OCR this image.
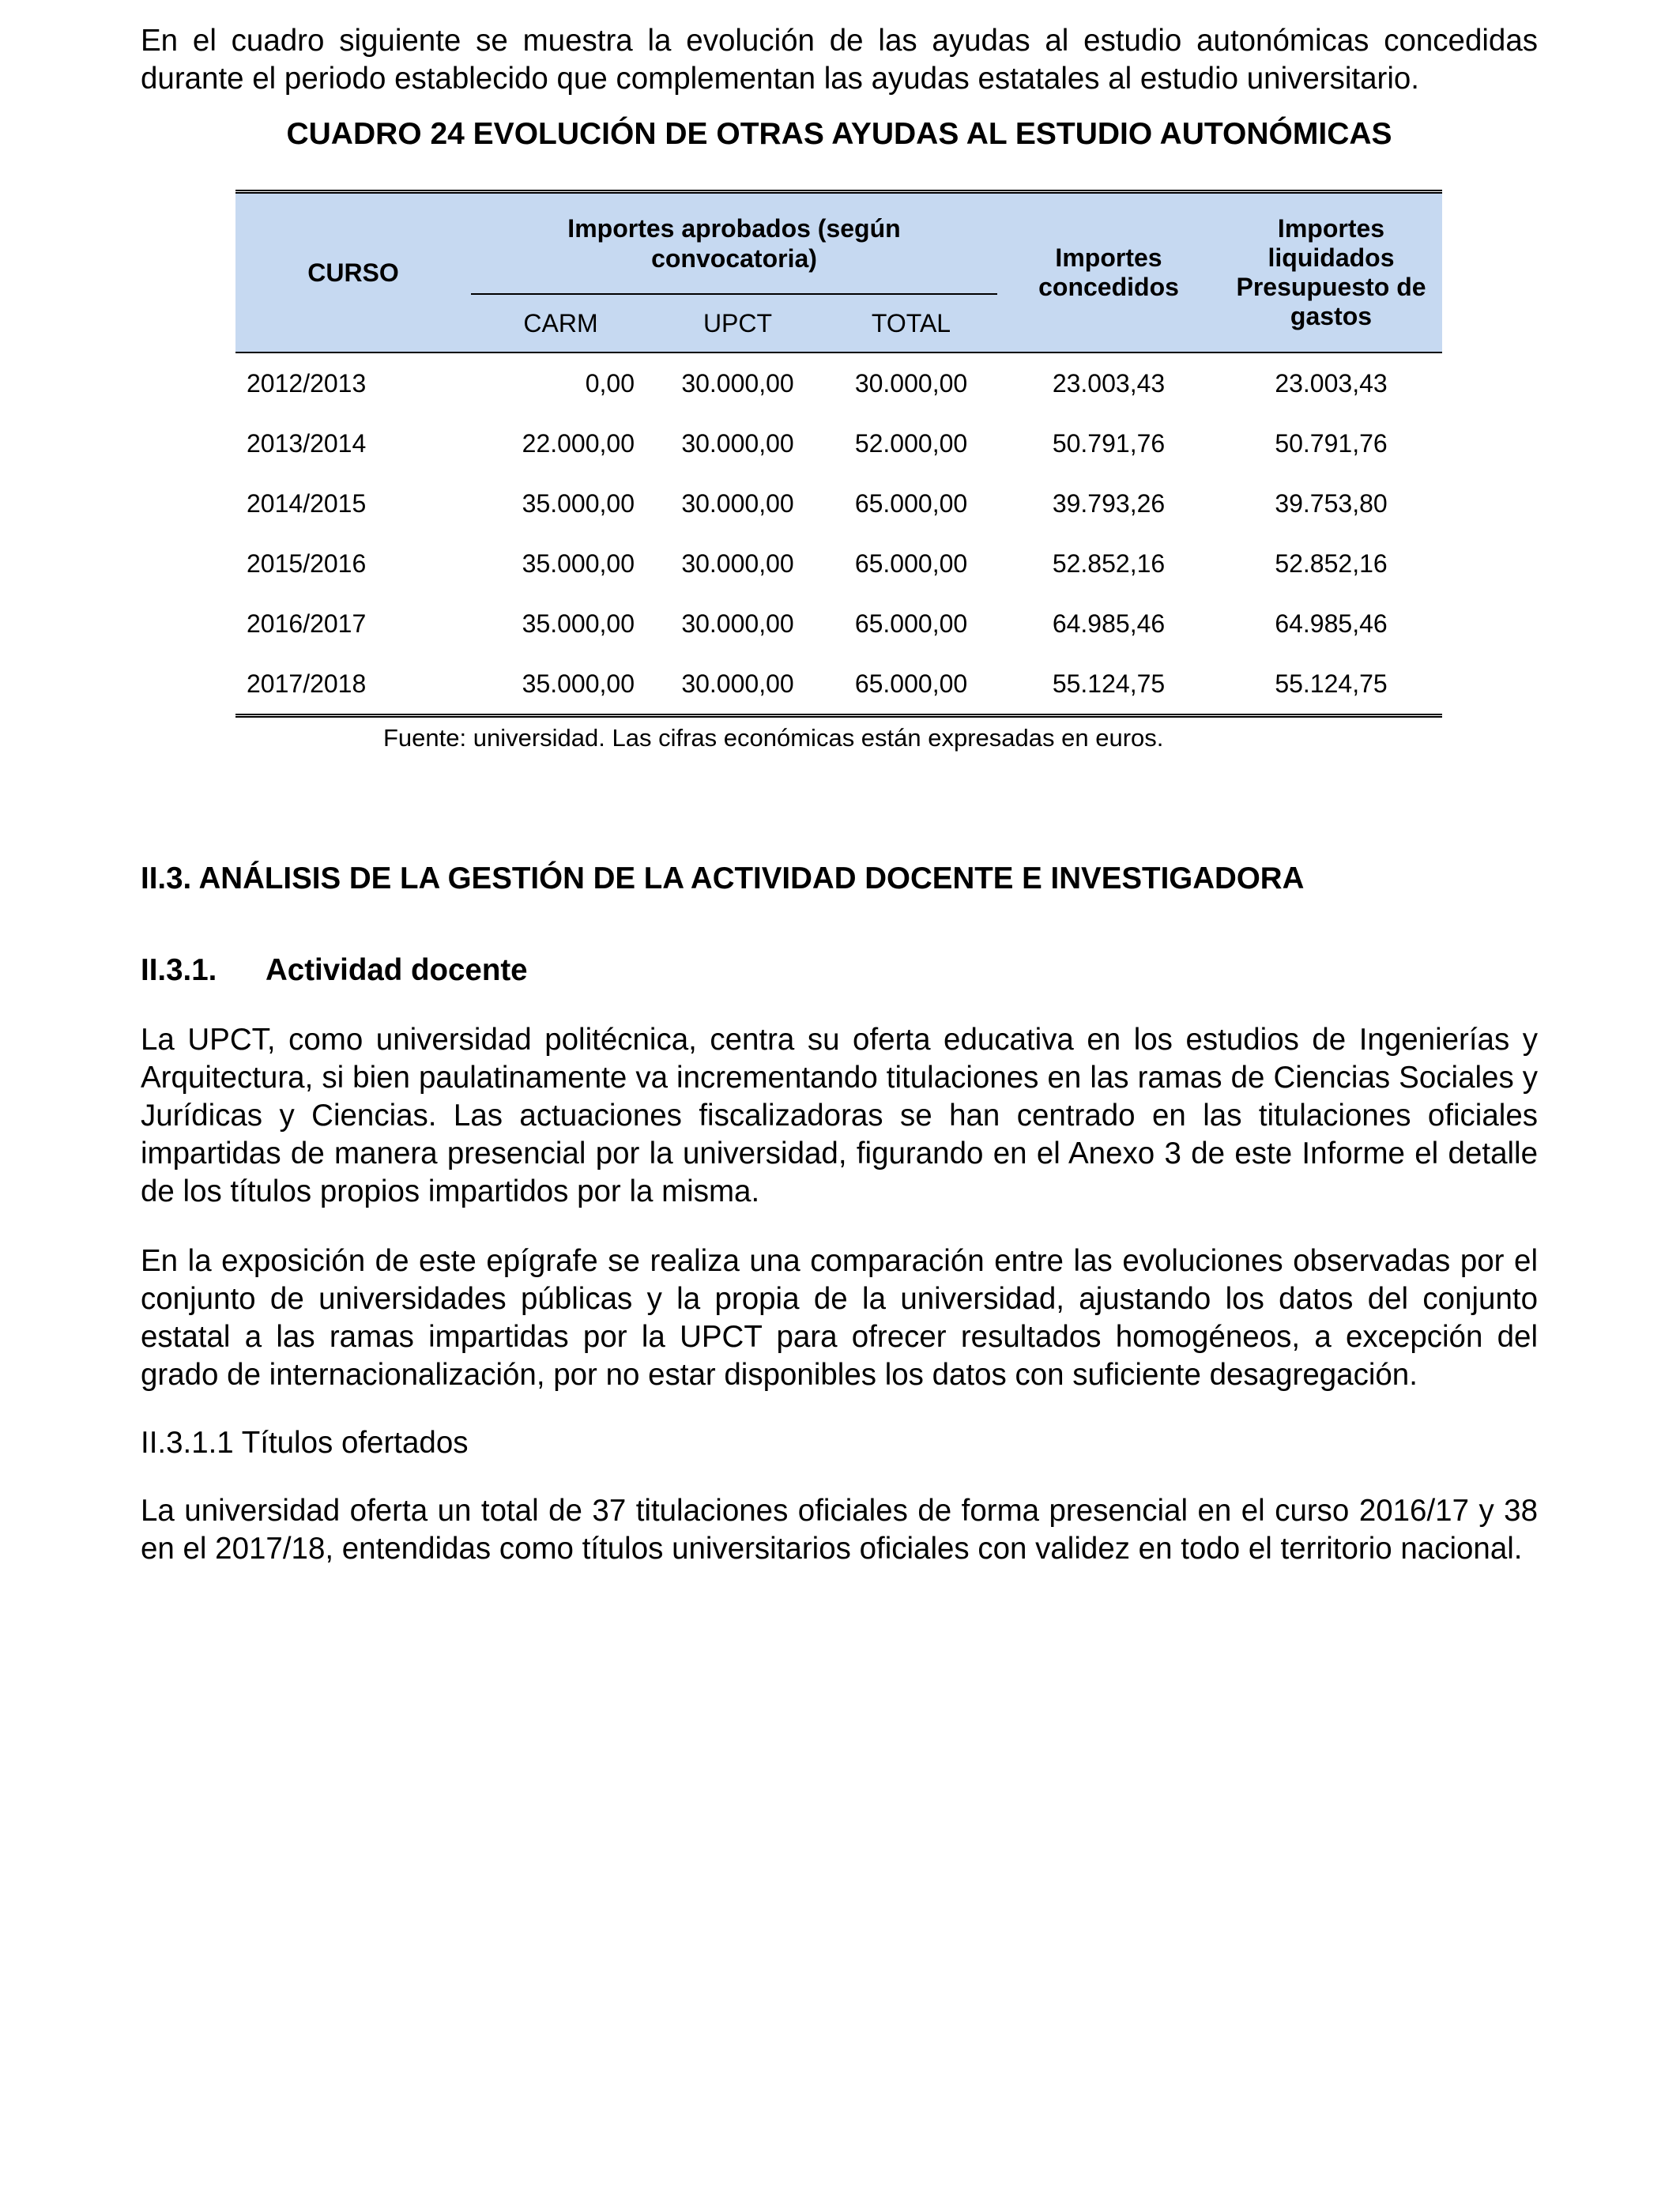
En el cuadro siguiente se muestra la evolución de las ayudas al estudio autonómicas concedidas durante el periodo establecido que complementan las ayudas estatales al estudio universitario.

CUADRO 24 EVOLUCIÓN DE OTRAS AYUDAS AL ESTUDIO AUTONÓMICAS
CURSO	Importes aprobados (según convocatoria)			Importes concedidos	Importes liquidados Presupuesto de gastos
	CARM	UPCT	TOTAL		
2012/2013	0,00	30.000,00	30.000,00	23.003,43	23.003,43
2013/2014	22.000,00	30.000,00	52.000,00	50.791,76	50.791,76
2014/2015	35.000,00	30.000,00	65.000,00	39.793,26	39.753,80
2015/2016	35.000,00	30.000,00	65.000,00	52.852,16	52.852,16
2016/2017	35.000,00	30.000,00	65.000,00	64.985,46	64.985,46
2017/2018	35.000,00	30.000,00	65.000,00	55.124,75	55.124,75
Fuente: universidad. Las cifras económicas están expresadas en euros.
II.3. ANÁLISIS DE LA GESTIÓN DE LA ACTIVIDAD DOCENTE E INVESTIGADORA
II.3.1. Actividad docente

La UPCT, como universidad politécnica, centra su oferta educativa en los estudios de Ingenierías y Arquitectura, si bien paulatinamente va incrementando titulaciones en las ramas de Ciencias Sociales y Jurídicas y Ciencias. Las actuaciones fiscalizadoras se han centrado en las titulaciones oficiales impartidas de manera presencial por la universidad, figurando en el Anexo 3 de este Informe el detalle de los títulos propios impartidos por la misma.

En la exposición de este epígrafe se realiza una comparación entre las evoluciones observadas por el conjunto de universidades públicas y la propia de la universidad, ajustando los datos del conjunto estatal a las ramas impartidas por la UPCT para ofrecer resultados homogéneos, a excepción del grado de internacionalización, por no estar disponibles los datos con suficiente desagregación.

II.3.1.1 Títulos ofertados

La universidad oferta un total de 37 titulaciones oficiales de forma presencial en el curso 2016/17 y 38 en el 2017/18, entendidas como títulos universitarios oficiales con validez en todo el territorio nacional.
